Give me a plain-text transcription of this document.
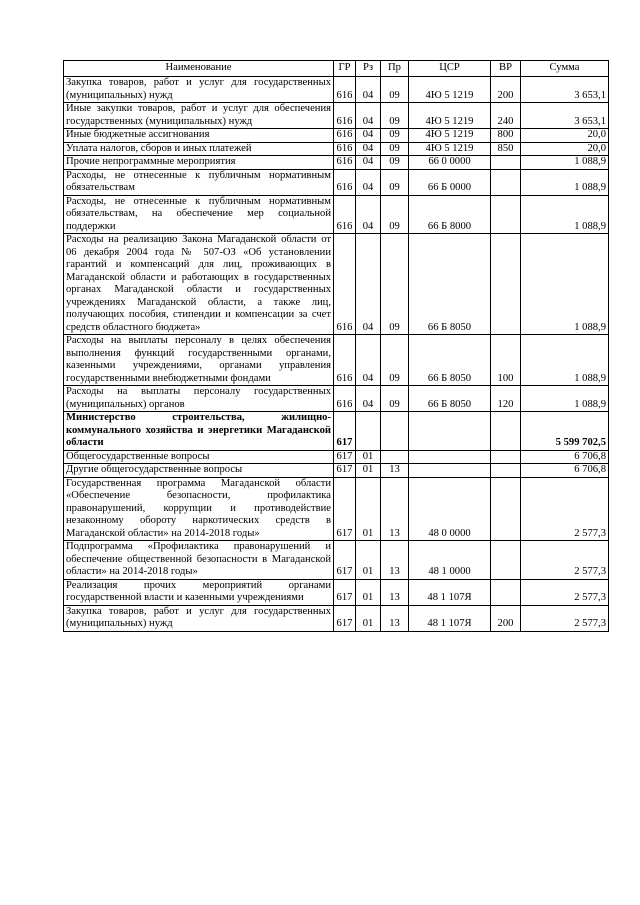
Наименование	ГР	Рз	Пр	ЦСР	ВР	Сумма
Закупка товаров, работ и услуг для государственных (муниципальных) нужд	616	04	09	4Ю 5 1219	200	3 653,1
Иные закупки товаров, работ и услуг для обеспечения государственных (муниципальных) нужд	616	04	09	4Ю 5 1219	240	3 653,1
Иные бюджетные ассигнования	616	04	09	4Ю 5 1219	800	20,0
Уплата налогов, сборов и иных платежей	616	04	09	4Ю 5 1219	850	20,0
Прочие непрограммные мероприятия	616	04	09	66 0 0000		1 088,9
Расходы, не отнесенные к публичным нормативным обязательствам	616	04	09	66 Б 0000		1 088,9
Расходы, не отнесенные к публичным нормативным обязательствам, на обеспечение мер социальной поддержки	616	04	09	66 Б 8000		1 088,9
Расходы на реализацию Закона Магаданской области от 06 декабря 2004 года № 507-ОЗ «Об установлении гарантий и компенсаций для лиц, проживающих в Магаданской области и работающих в государственных органах Магаданской области и государственных учреждениях Магаданской области, а также лиц, получающих пособия, стипендии и компенсации за счет средств областного бюджета»	616	04	09	66 Б 8050		1 088,9
Расходы на выплаты персоналу в целях обеспечения выполнения функций государственными органами, казенными учреждениями, органами управления государственными внебюджетными фондами	616	04	09	66 Б 8050	100	1 088,9
Расходы на выплаты персоналу государственных (муниципальных) органов	616	04	09	66 Б 8050	120	1 088,9
Министерство строительства, жилищно-коммунального хозяйства и энергетики Магаданской области	617					5 599 702,5
Общегосударственные вопросы	617	01				6 706,8
Другие общегосударственные вопросы	617	01	13			6 706,8
Государственная программа Магаданской области «Обеспечение безопасности, профилактика правонарушений, коррупции и противодействие незаконному обороту наркотических средств в Магаданской области» на 2014-2018 годы»	617	01	13	48 0 0000		2 577,3
Подпрограмма «Профилактика правонарушений и обеспечение общественной безопасности в Магаданской области» на 2014-2018 годы»	617	01	13	48 1 0000		2 577,3
Реализация прочих мероприятий органами государственной власти и казенными учреждениями	617	01	13	48 1 107Я		2 577,3
Закупка товаров, работ и услуг для государственных (муниципальных) нужд	617	01	13	48 1 107Я	200	2 577,3
